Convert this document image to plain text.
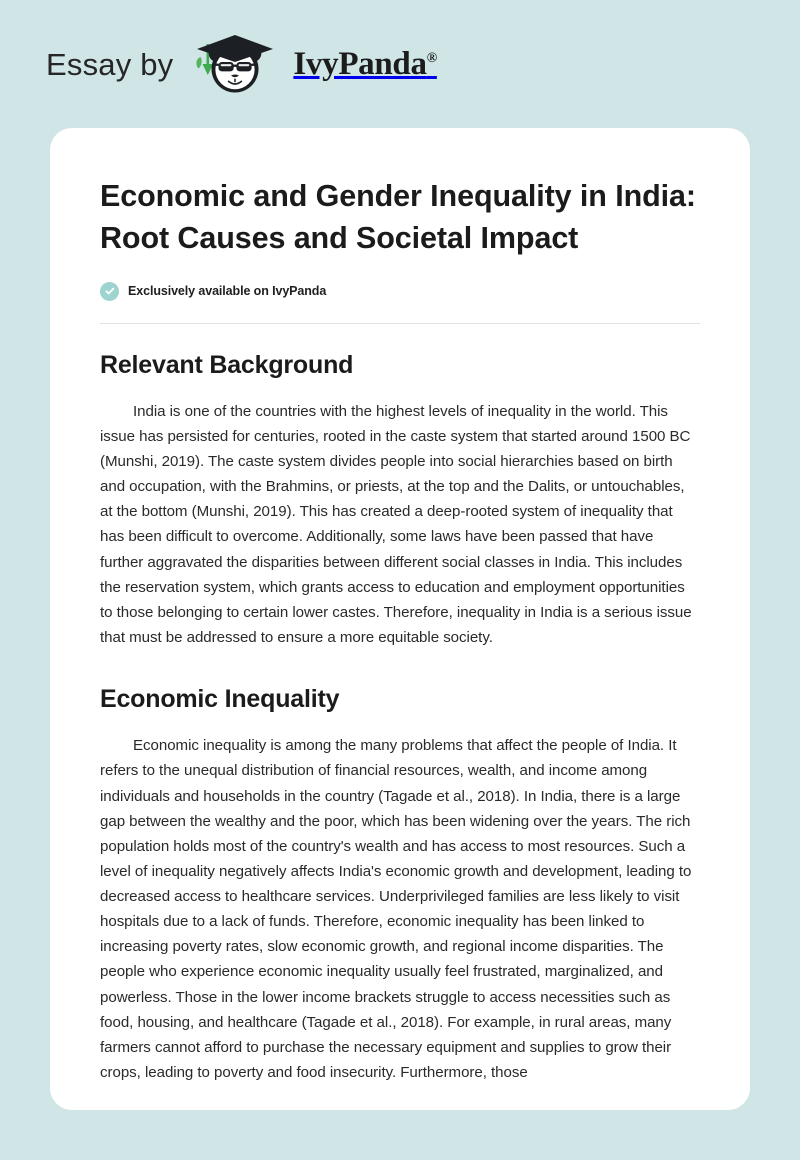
Essay by	IvyPanda®
Economic and Gender Inequality in India: Root Causes and Societal Impact
Exclusively available on IvyPanda
Relevant Background

India is one of the countries with the highest levels of inequality in the world. This issue has persisted for centuries, rooted in the caste system that started around 1500 BC (Munshi, 2019). The caste system divides people into social hierarchies based on birth and occupation, with the Brahmins, or priests, at the top and the Dalits, or untouchables, at the bottom (Munshi, 2019). This has created a deep-rooted system of inequality that has been difficult to overcome. Additionally, some laws have been passed that have further aggravated the disparities between different social classes in India. This includes the reservation system, which grants access to education and employment opportunities to those belonging to certain lower castes. Therefore, inequality in India is a serious issue that must be addressed to ensure a more equitable society.

Economic Inequality

Economic inequality is among the many problems that affect the people of India. It refers to the unequal distribution of financial resources, wealth, and income among individuals and households in the country (Tagade et al., 2018). In India, there is a large gap between the wealthy and the poor, which has been widening over the years. The rich population holds most of the country's wealth and has access to most resources. Such a level of inequality negatively affects India's economic growth and development, leading to decreased access to healthcare services. Underprivileged families are less likely to visit hospitals due to a lack of funds. Therefore, economic inequality has been linked to increasing poverty rates, slow economic growth, and regional income disparities. The people who experience economic inequality usually feel frustrated, marginalized, and powerless. Those in the lower income brackets struggle to access necessities such as food, housing, and healthcare (Tagade et al., 2018). For example, in rural areas, many farmers cannot afford to purchase the necessary equipment and supplies to grow their crops, leading to poverty and food insecurity. Furthermore, those
